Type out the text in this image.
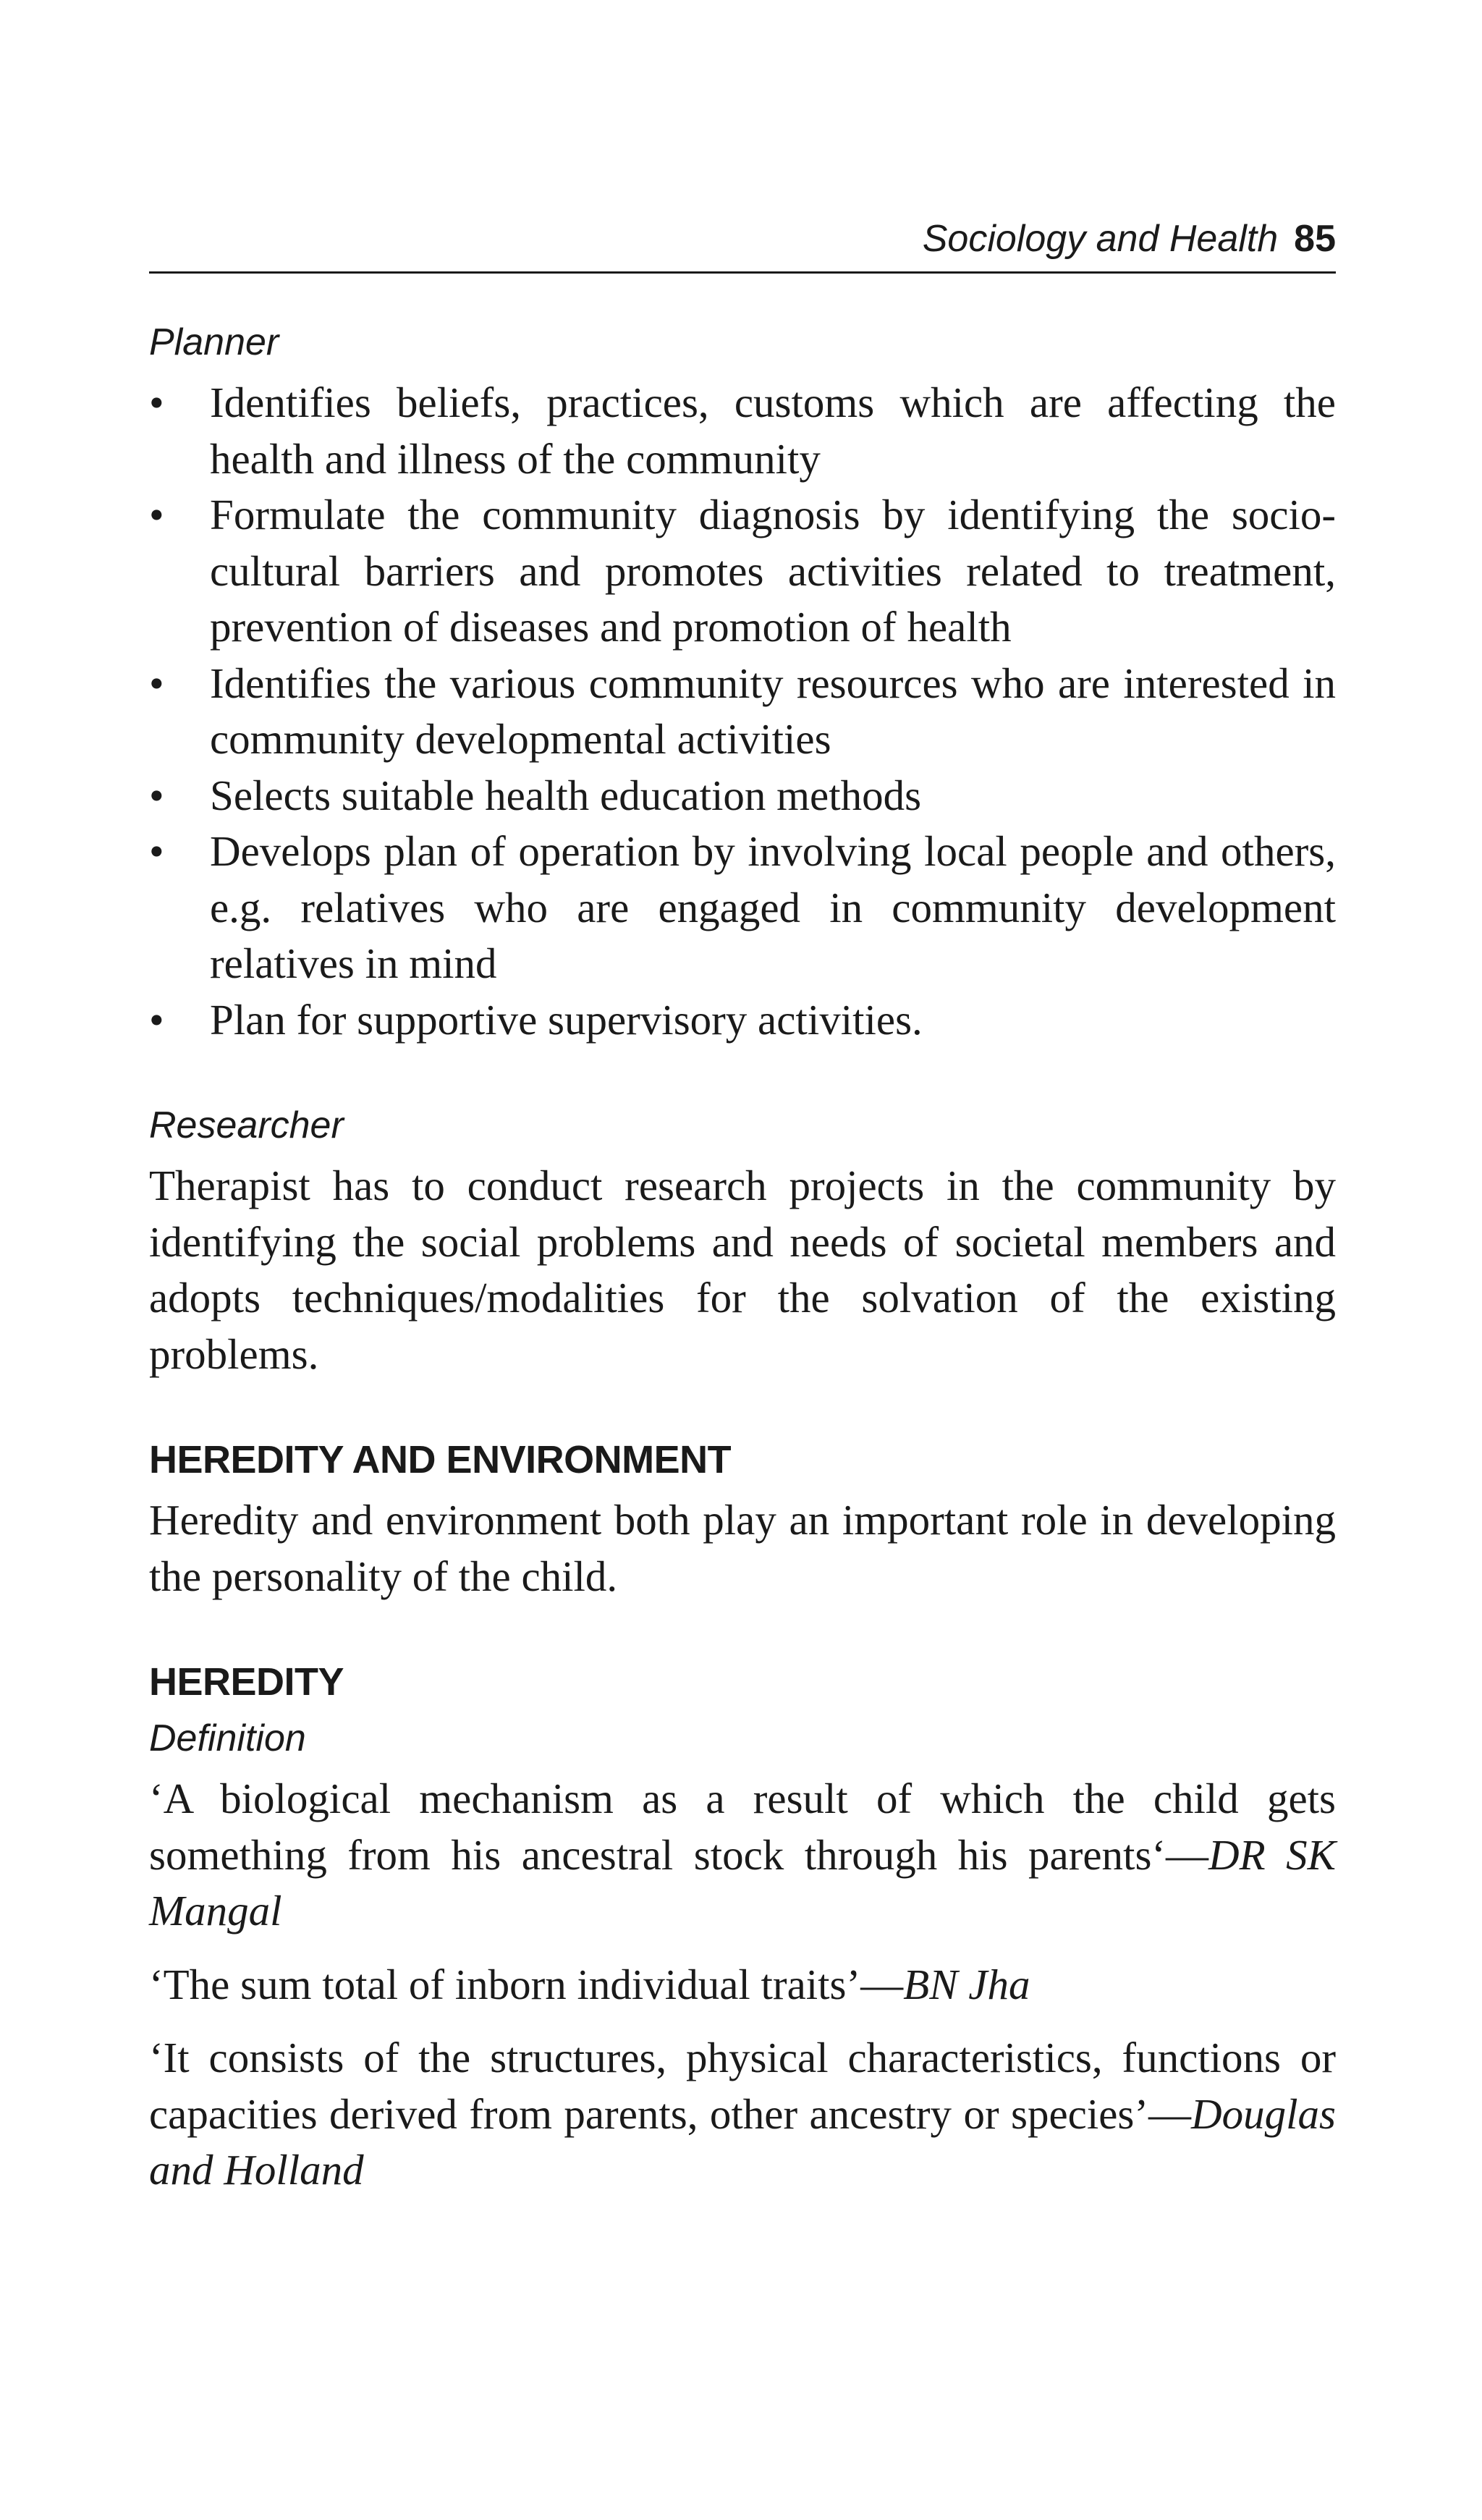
Sociology and Health 85
Planner
• Identifies beliefs, practices, customs which are affecting the health and illness of the community
• Formulate the community diagnosis by identifying the socio-cultural barriers and promotes activities related to treatment, prevention of diseases and promotion of health
• Identifies the various community resources who are interested in community developmental activities
• Selects suitable health education methods
• Develops plan of operation by involving local people and others, e.g. relatives who are engaged in community development relatives in mind
• Plan for supportive supervisory activities.
Researcher

Therapist has to conduct research projects in the community by identifying the social problems and needs of societal members and adopts techniques/modalities for the solvation of the existing problems.

HEREDITY AND ENVIRONMENT

Heredity and environment both play an important role in developing the personality of the child.

HEREDITY
Definition

‘A biological mechanism as a result of which the child gets something from his ancestral stock through his parents‘—DR SK Mangal

‘The sum total of inborn individual traits’—BN Jha

‘It consists of the structures, physical characteristics, functions or capacities derived from parents, other ancestry or species’—Douglas and Holland
